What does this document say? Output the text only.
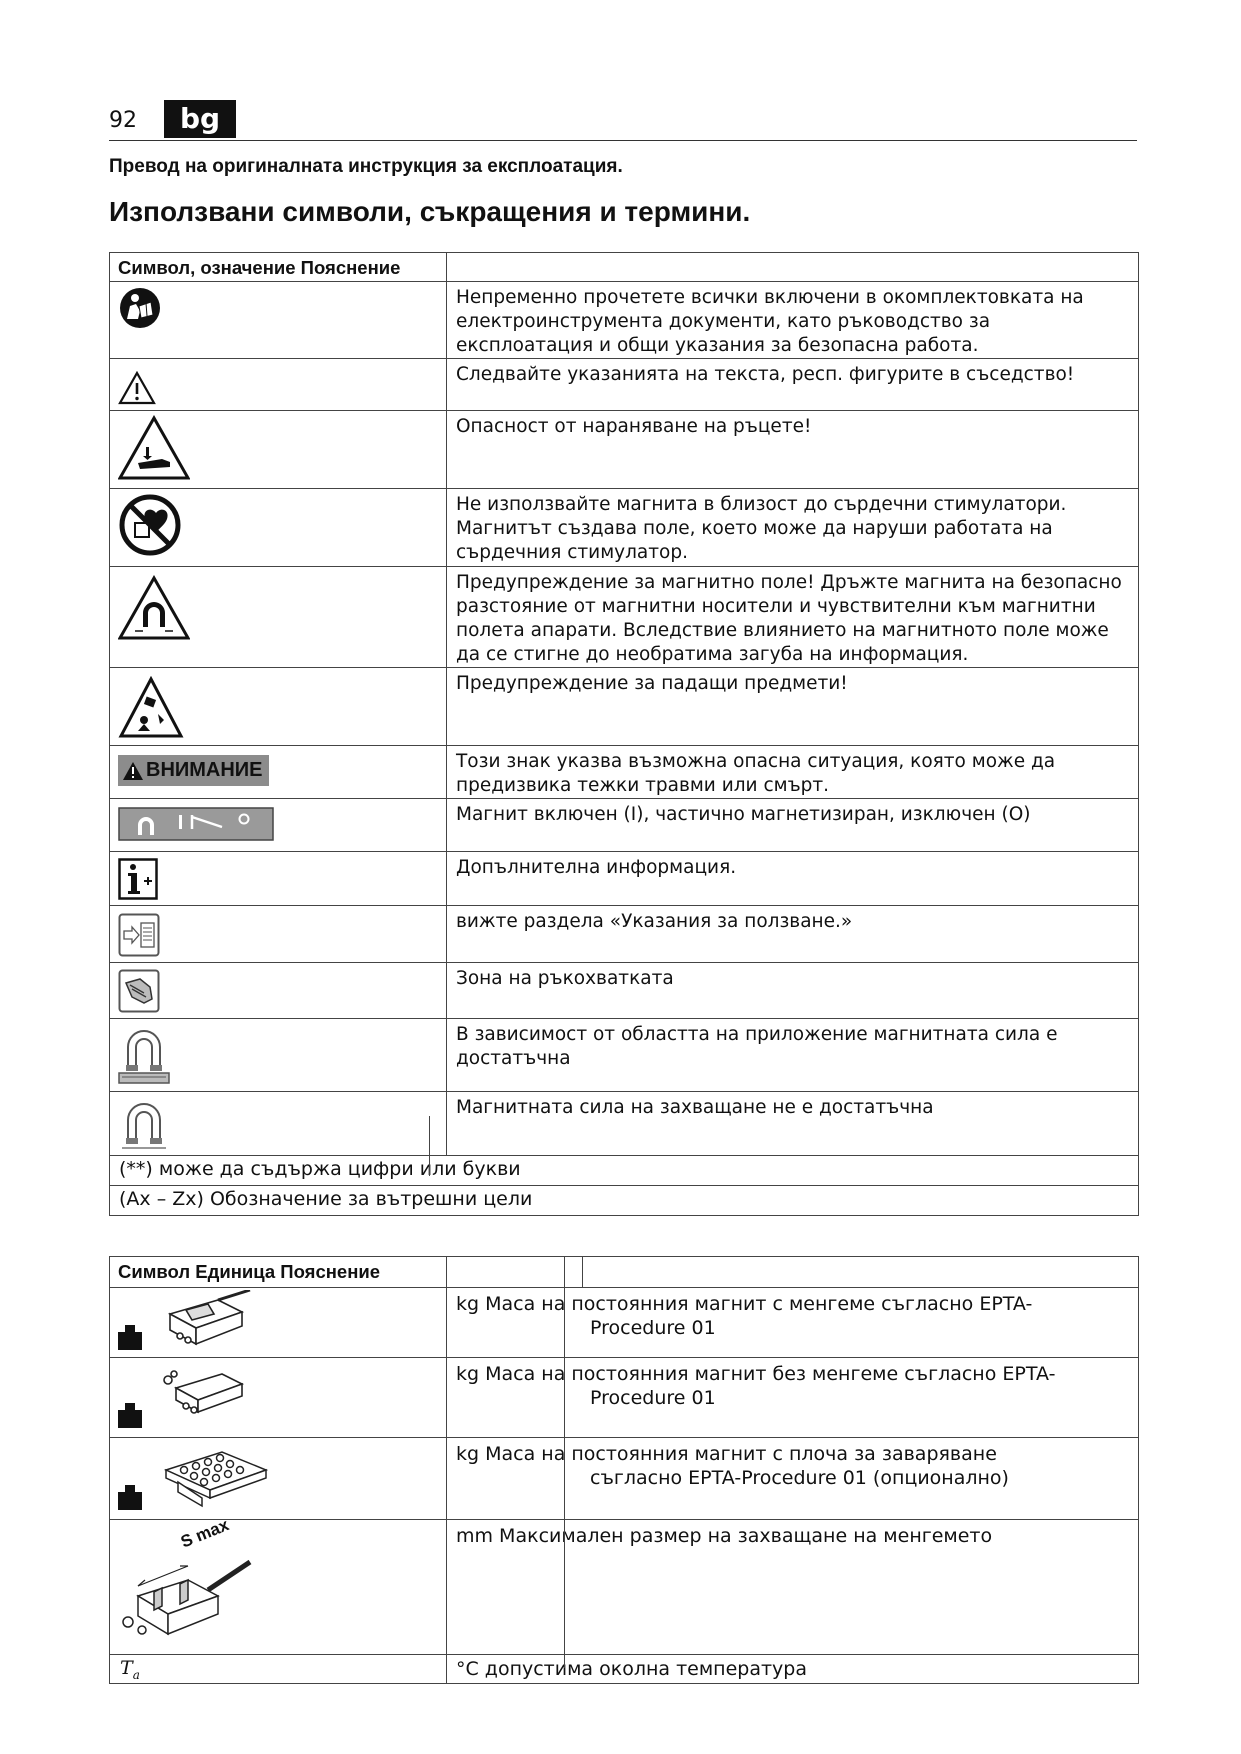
92	bg
Превод на оригиналната инструкция за експлоатация.
Използвани символи, съкращения и термини.
Символ, означение Пояснение	
	Непременно прочетете всички включени в окомплектовката на електроинструмента документи, като ръководство за експлоатация и общи указания за безопасна работа.
	Следвайте указанията на текста, респ. фигурите в съседство!
	Опасност от нараняване на ръцете!
	Не използвайте магнита в близост до сърдечни стимулатори. Магнитът създава поле, което може да наруши работата на сърдечния стимулатор.
	Предупреждение за магнитно поле! Дръжте магнита на безопасно разстояние от магнитни носители и чувствителни към магнитни полета апарати. Вследствие влиянието на магнитното поле може да се стигне до необратима загуба на информация.
	Предупреждение за падащи предмети!

ВНИМАНИЕ	Този знак указва възможна опасна ситуация, която може да предизвика тежки травми или смърт.
	Магнит включен (I), частично магнетизиран, изключен (O)
	Допълнителна информация.
	вижте раздела «Указания за ползване.»
	Зона на ръкохватката
	В зависимост от областта на приложение магнитната сила е достатъчна
	Магнитната сила на захващане не е достатъчна
(**) може да съдържа цифри или букви	
(Ax – Zx) Обозначение за вътрешни цели	
Символ Единица Пояснение		

kg Маса на постоянния магнит с менгеме съгласно EPTA-
Procedure 01	

kg Маса на постоянния магнит без менгеме съгласно EPTA-
Procedure 01	

kg Маса на постоянния магнит с плоча за заваряване
съгласно EPTA-Procedure 01 (опционално)	

S max	mm Максимален размер на захващане на менгемето	

$T_a$	°C допустима околна температура	
